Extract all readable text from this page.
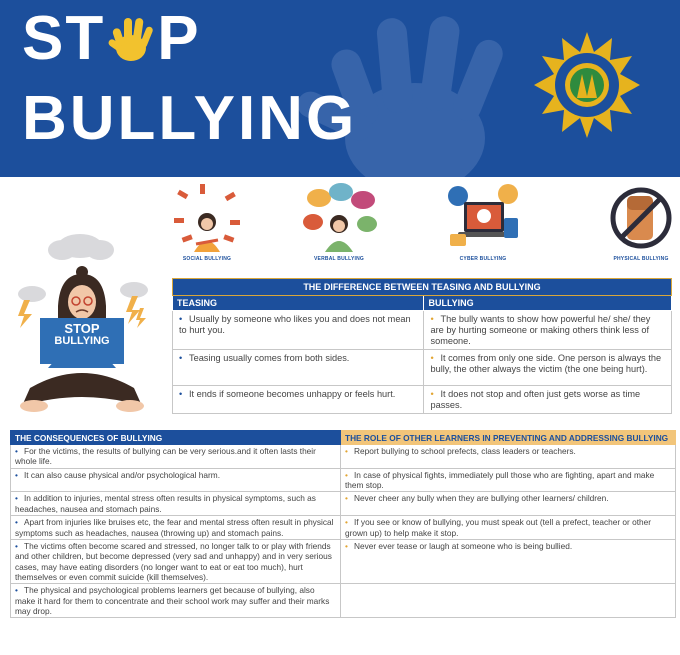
ST P
BULLYING
SOCIAL BULLYING	VERBAL BULLYING	CYBER BULLYING	PHYSICAL BULLYING
STOP
BULLYING
THE DIFFERENCE BETWEEN TEASING AND BULLYING	
TEASING	BULLYING
• Usually by someone who likes you and does not mean to hurt you.	• The bully wants to show how powerful he/ she/ they are by hurting someone or making others think less of someone.
• Teasing usually comes from both sides.	• It comes from only one side. One person is always the bully, the other always the victim (the one being hurt).
• It ends if someone becomes unhappy or feels hurt.	• It does not stop and often just gets worse as time passes.
THE CONSEQUENCES OF BULLYING	THE ROLE OF OTHER LEARNERS IN PREVENTING AND ADDRESSING BULLYING
• For the victims, the results of bullying can be very serious.and it often lasts their whole life.	• Report bullying to school prefects, class leaders or teachers.
• It can also cause physical and/or psychological harm.	• In case of physical fights, immediately pull those who are fighting, apart and make them stop.
• In addition to injuries, mental stress often results in physical symptoms, such as headaches, nausea and stomach pains.	• Never cheer any bully when they are bullying other learners/ children.
• Apart from injuries like bruises etc, the fear and mental stress often result in physical symptoms such as headaches, nausea (throwing up) and stomach pains.	• If you see or know of bullying, you must speak out (tell a prefect, teacher or other grown up) to help make it stop.
• The victims often become scared and stressed, no longer talk to or play with friends and other children, but become depressed (very sad and unhappy) and in very serious cases, may have eating disorders (no longer want to eat or eat too much), hurt themselves or even commit suicide (kill themselves).	• Never ever tease or laugh at someone who is being bullied.
• The physical and psychological problems learners get because of bullying, also make it hard for them to concentrate and their school work may suffer and their marks may drop.	
